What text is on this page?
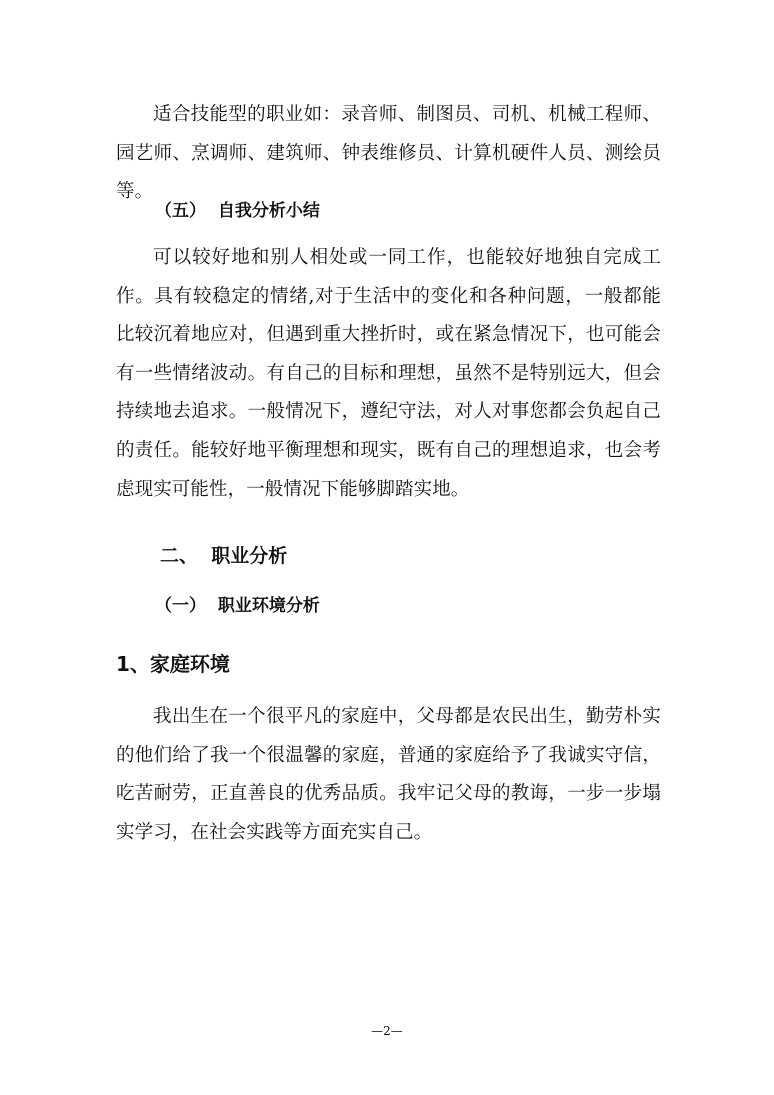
适合技能型的职业如：录音师、制图员、司机、机械工程师、园艺师、烹调师、建筑师、钟表维修员、计算机硬件人员、测绘员等。

（五）  自我分析小结

可以较好地和别人相处或一同工作，也能较好地独自完成工作。具有较稳定的情绪,对于生活中的变化和各种问题，一般都能比较沉着地应对，但遇到重大挫折时，或在紧急情况下，也可能会有一些情绪波动。有自己的目标和理想，虽然不是特别远大，但会持续地去追求。一般情况下，遵纪守法，对人对事您都会负起自己的责任。能较好地平衡理想和现实，既有自己的理想追求，也会考虑现实可能性，一般情况下能够脚踏实地。

二、  职业分析

（一）  职业环境分析

1、家庭环境

我出生在一个很平凡的家庭中，父母都是农民出生，勤劳朴实的他们给了我一个很温馨的家庭，普通的家庭给予了我诚实守信，吃苦耐劳，正直善良的优秀品质。我牢记父母的教诲，一步一步塌实学习，在社会实践等方面充实自己。

—2—
